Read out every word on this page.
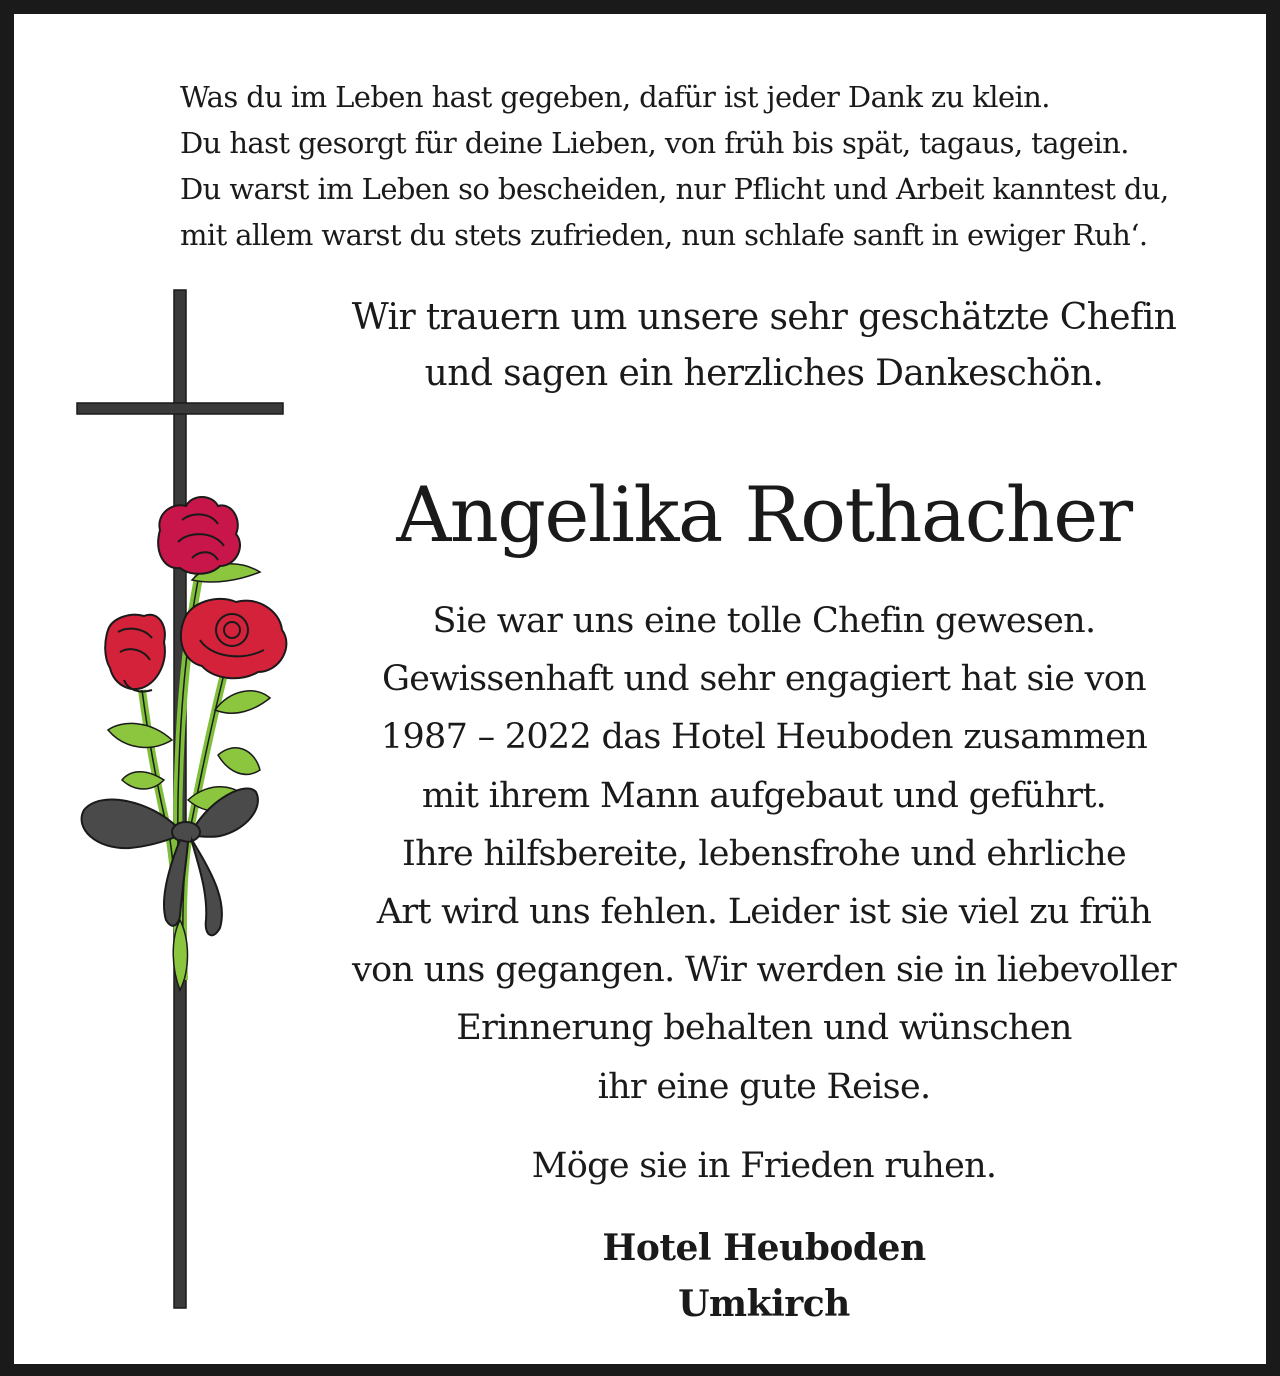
Was du im Leben hast gegeben, dafür ist jeder Dank zu klein.
Du hast gesorgt für deine Lieben, von früh bis spät, tagaus, tagein.
Du warst im Leben so bescheiden, nur Pflicht und Arbeit kanntest du,
mit allem warst du stets zufrieden, nun schlafe sanft in ewiger Ruh‘.
Wir trauern um unsere sehr geschätzte Chefin
und sagen ein herzliches Dankeschön.
Angelika Rothacher
Sie war uns eine tolle Chefin gewesen.
Gewissenhaft und sehr engagiert hat sie von
1987 – 2022 das Hotel Heuboden zusammen
mit ihrem Mann aufgebaut und geführt.
Ihre hilfsbereite, lebensfrohe und ehrliche
Art wird uns fehlen. Leider ist sie viel zu früh
von uns gegangen. Wir werden sie in liebevoller
Erinnerung behalten und wünschen
ihr eine gute Reise.
Möge sie in Frieden ruhen.
Hotel Heuboden
Umkirch
